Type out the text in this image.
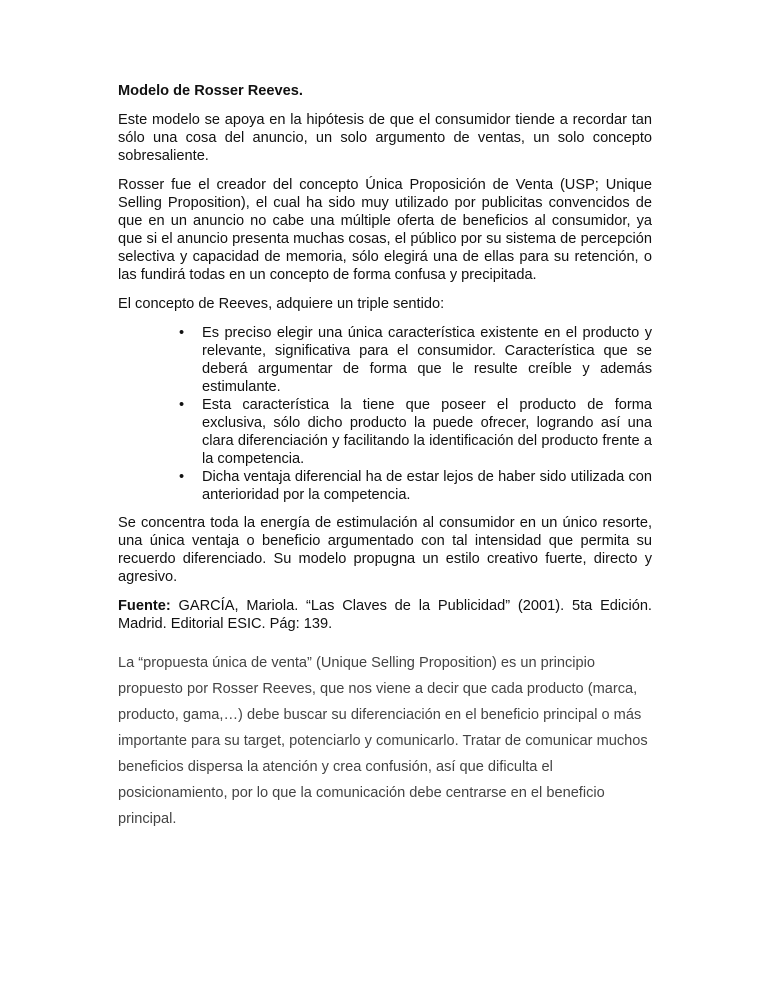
Modelo de Rosser Reeves.

Este modelo se apoya en la hipótesis de que el consumidor tiende a recordar tan sólo una cosa del anuncio, un solo argumento de ventas, un solo concepto sobresaliente.

Rosser fue el creador del concepto Única Proposición de Venta (USP; Unique Selling Proposition), el cual ha sido muy utilizado por publicitas convencidos de que en un anuncio no cabe una múltiple oferta de beneficios al consumidor, ya que si el anuncio presenta muchas cosas, el público por su sistema de percepción selectiva y capacidad de memoria, sólo elegirá una de ellas para su retención, o las fundirá todas en un concepto de forma confusa y precipitada.

El concepto de Reeves, adquiere un triple sentido:

• Es preciso elegir una única característica existente en el producto y relevante, significativa para el consumidor. Característica que se deberá argumentar de forma que le resulte creíble y además estimulante.
• Esta característica la tiene que poseer el producto de forma exclusiva, sólo dicho producto la puede ofrecer, logrando así una clara diferenciación y facilitando la identificación del producto frente a la competencia.
• Dicha ventaja diferencial ha de estar lejos de haber sido utilizada con anterioridad por la competencia.

Se concentra toda la energía de estimulación al consumidor en un único resorte, una única ventaja o beneficio argumentado con tal intensidad que permita su recuerdo diferenciado. Su modelo propugna un estilo creativo fuerte, directo y agresivo.

Fuente: GARCÍA, Mariola. “Las Claves de la Publicidad” (2001). 5ta Edición. Madrid. Editorial ESIC. Pág: 139.

La “propuesta única de venta” (Unique Selling Proposition) es un principio propuesto por Rosser Reeves, que nos viene a decir que cada producto (marca, producto, gama,…) debe buscar su diferenciación en el beneficio principal o más importante para su target, potenciarlo y comunicarlo. Tratar de comunicar muchos beneficios dispersa la atención y crea confusión, así que dificulta el posicionamiento, por lo que la comunicación debe centrarse en el beneficio principal.
